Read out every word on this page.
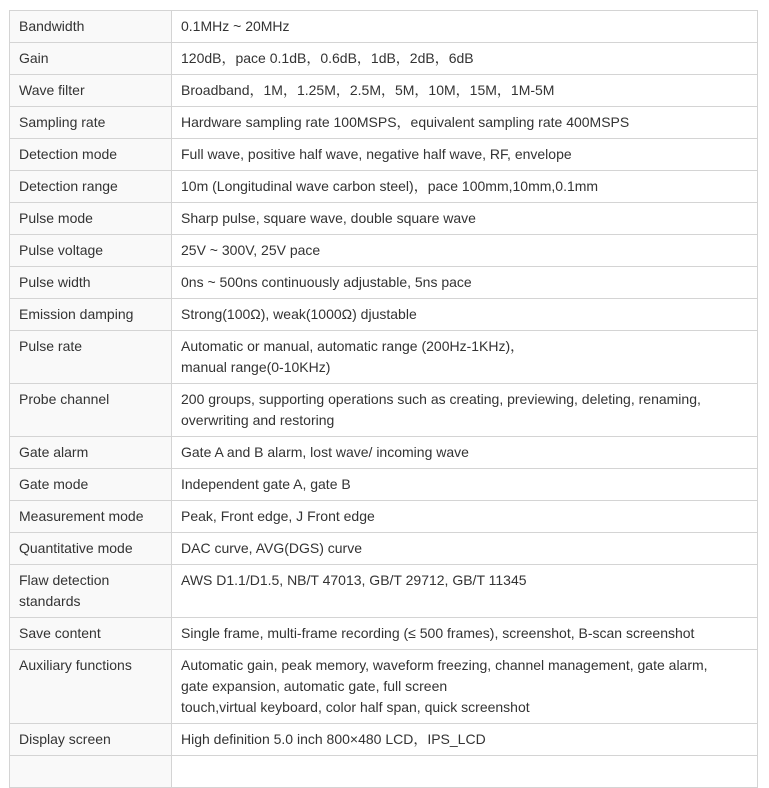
Bandwidth	0.1MHz ~ 20MHz

Gain	120dB，pace 0.1dB，0.6dB，1dB，2dB，6dB

Wave filter	Broadband，1M，1.25M，2.5M，5M，10M，15M，1M-5M

Sampling rate	Hardware sampling rate 100MSPS，equivalent sampling rate 400MSPS

Detection mode	Full wave, positive half wave, negative half wave, RF, envelope

Detection range	10m (Longitudinal wave carbon steel)，pace 100mm,10mm,0.1mm

Pulse mode	Sharp pulse, square wave, double square wave

Pulse voltage	25V ~ 300V, 25V pace

Pulse width	0ns ~ 500ns continuously adjustable, 5ns pace

Emission damping	Strong(100Ω), weak(1000Ω) djustable

Pulse rate	Automatic or manual, automatic range (200Hz-1KHz)，
manual range(0-10KHz)

Probe channel	200 groups, supporting operations such as creating, previewing, deleting, renaming,
overwriting and restoring

Gate alarm	Gate A and B alarm, lost wave/ incoming wave

Gate mode	Independent gate A, gate B

Measurement mode	Peak, Front edge, J Front edge

Quantitative mode	DAC curve, AVG(DGS) curve

Flaw detection standards	AWS D1.1/D1.5, NB/T 47013, GB/T 29712, GB/T 11345

Save content	Single frame, multi-frame recording (≤ 500 frames), screenshot, B-scan screenshot

Auxiliary functions	Automatic gain, peak memory, waveform freezing, channel management, gate alarm,
gate expansion, automatic gate, full screen
touch,virtual keyboard, color half span, quick screenshot

Display screen	High definition 5.0 inch 800×480 LCD，IPS_LCD
